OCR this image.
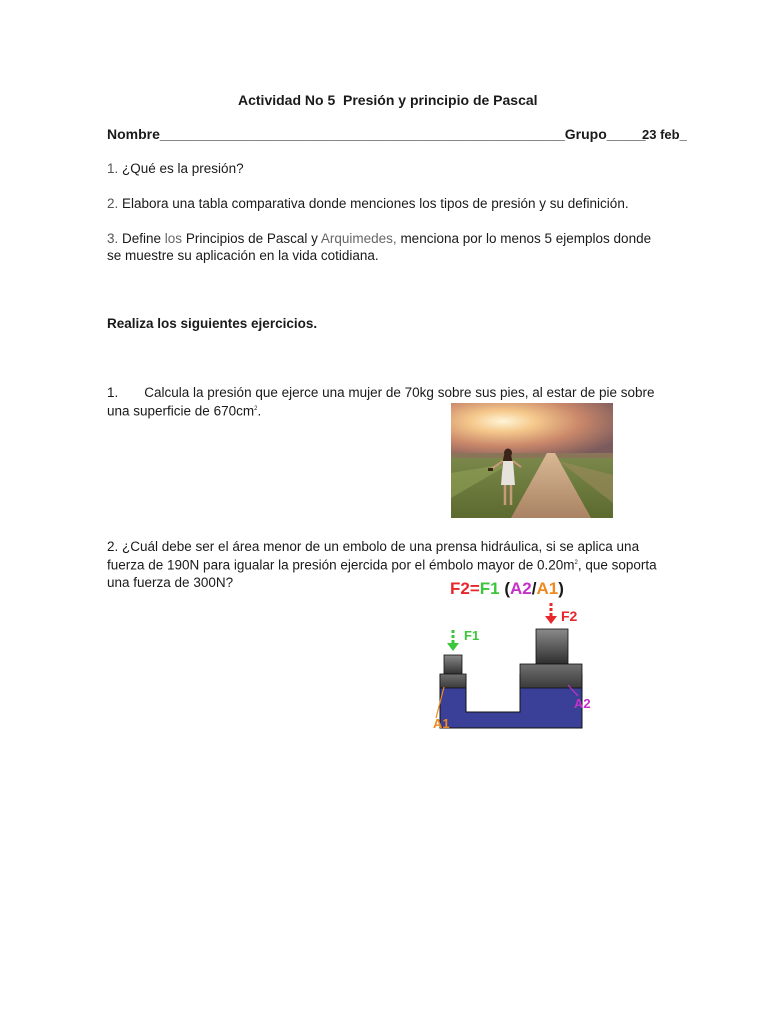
Actividad No 5  Presión y principio de Pascal
Nombre____________________________________________________Grupo_____
23 feb_
1. ¿Qué es la presión?
2. Elabora una tabla comparativa donde menciones los tipos de presión y su definición.
3. Define los Principios de Pascal y Arquimedes, menciona por lo menos 5 ejemplos donde se muestre su aplicación en la vida cotidiana.
Realiza los siguientes ejercicios.
1. Calcula la presión que ejerce una mujer de 70kg sobre sus pies, al estar de pie sobre una superficie de $670cm^2$.
2. ¿Cuál debe ser el área menor de un embolo de una prensa hidráulica, si se aplica una fuerza de 190N para igualar la presión ejercida por el émbolo mayor de $0.20m^2$, que soporta una fuerza de 300N?	F2=F1 (A2/A1)
F1
F2
A1
A2
